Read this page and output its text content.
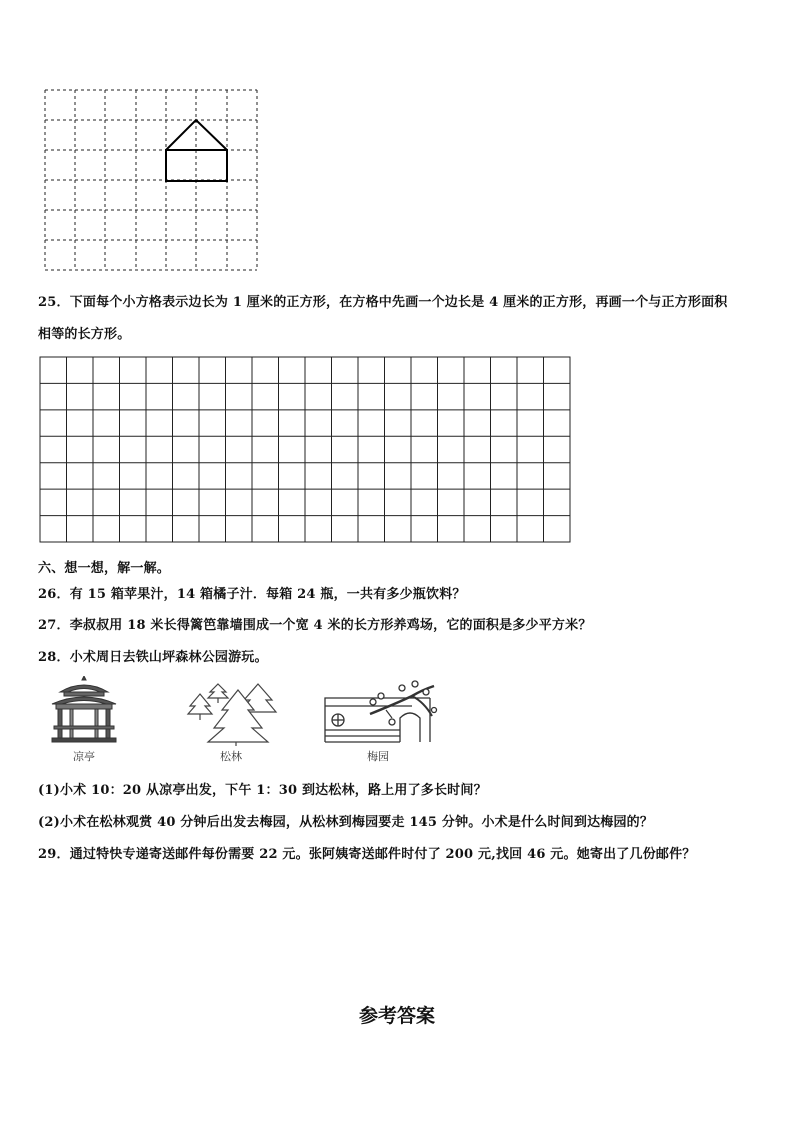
25．下面每个小方格表示边长为 1 厘米的正方形，在方格中先画一个边长是 4 厘米的正方形，再画一个与正方形面积
相等的长方形。
六、想一想，解一解。
26．有 15 箱苹果汁，14 箱橘子汁．每箱 24 瓶，一共有多少瓶饮料？
27．李叔叔用 18 米长得篱笆靠墙围成一个宽 4 米的长方形养鸡场，它的面积是多少平方米？
28．小术周日去铁山坪森林公园游玩。
凉亭	松林	梅园
(1)小术 10：20 从凉亭出发，下午 1：30 到达松林，路上用了多长时间？
(2)小术在松林观赏 40 分钟后出发去梅园，从松林到梅园要走 145 分钟。小术是什么时间到达梅园的？
29．通过特快专递寄送邮件每份需要 22 元。张阿姨寄送邮件时付了 200 元,找回 46 元。她寄出了几份邮件？
参考答案
